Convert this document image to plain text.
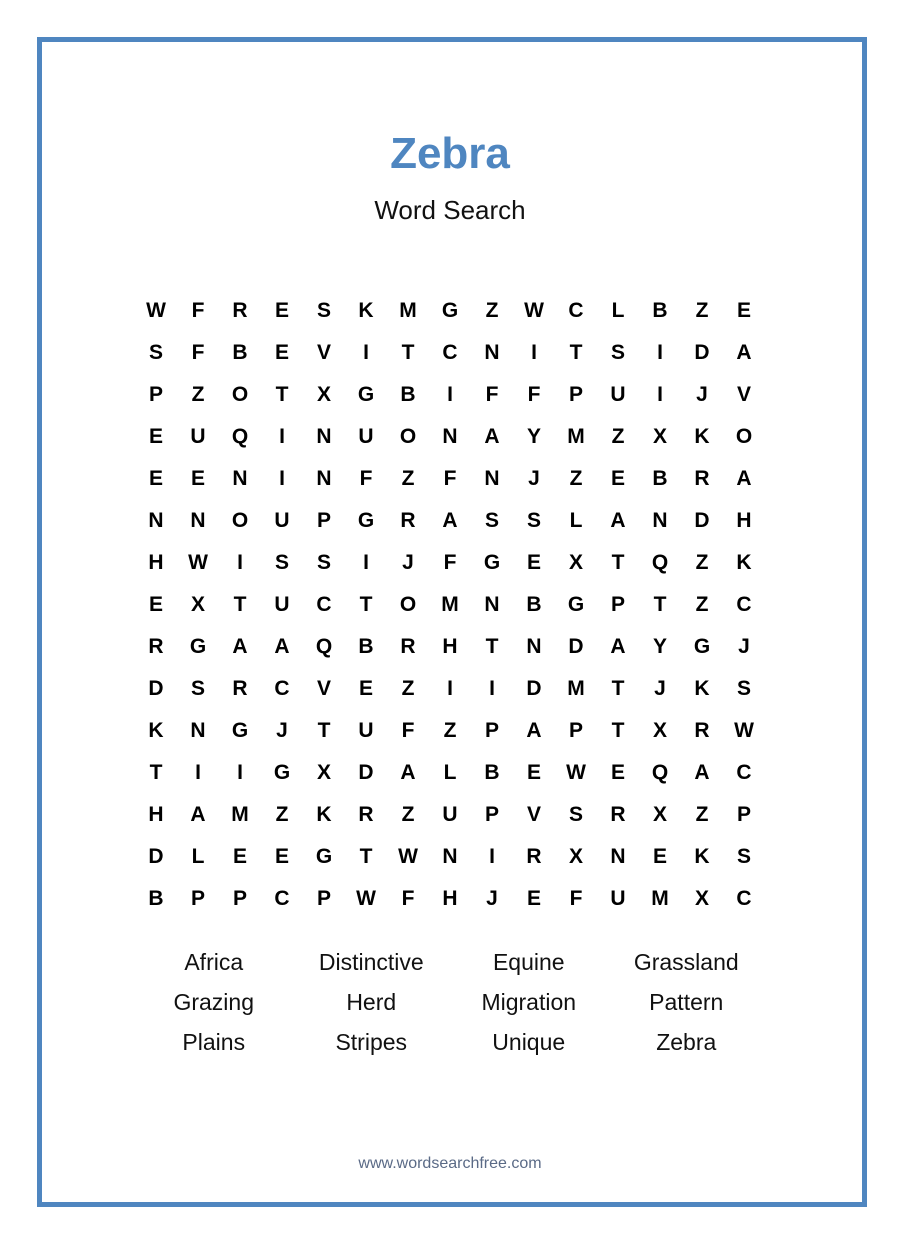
Zebra
Word Search
W	F	R	E	S	K	M	G	Z	W	C	L	B	Z	E
S	F	B	E	V	I	T	C	N	I	T	S	I	D	A
P	Z	O	T	X	G	B	I	F	F	P	U	I	J	V
E	U	Q	I	N	U	O	N	A	Y	M	Z	X	K	O
E	E	N	I	N	F	Z	F	N	J	Z	E	B	R	A
N	N	O	U	P	G	R	A	S	S	L	A	N	D	H
H	W	I	S	S	I	J	F	G	E	X	T	Q	Z	K
E	X	T	U	C	T	O	M	N	B	G	P	T	Z	C
R	G	A	A	Q	B	R	H	T	N	D	A	Y	G	J
D	S	R	C	V	E	Z	I	I	D	M	T	J	K	S
K	N	G	J	T	U	F	Z	P	A	P	T	X	R	W
T	I	I	G	X	D	A	L	B	E	W	E	Q	A	C
H	A	M	Z	K	R	Z	U	P	V	S	R	X	Z	P
D	L	E	E	G	T	W	N	I	R	X	N	E	K	S
B	P	P	C	P	W	F	H	J	E	F	U	M	X	C
Africa	Distinctive	Equine	Grassland
Grazing	Herd	Migration	Pattern
Plains	Stripes	Unique	Zebra
www.wordsearchfree.com
